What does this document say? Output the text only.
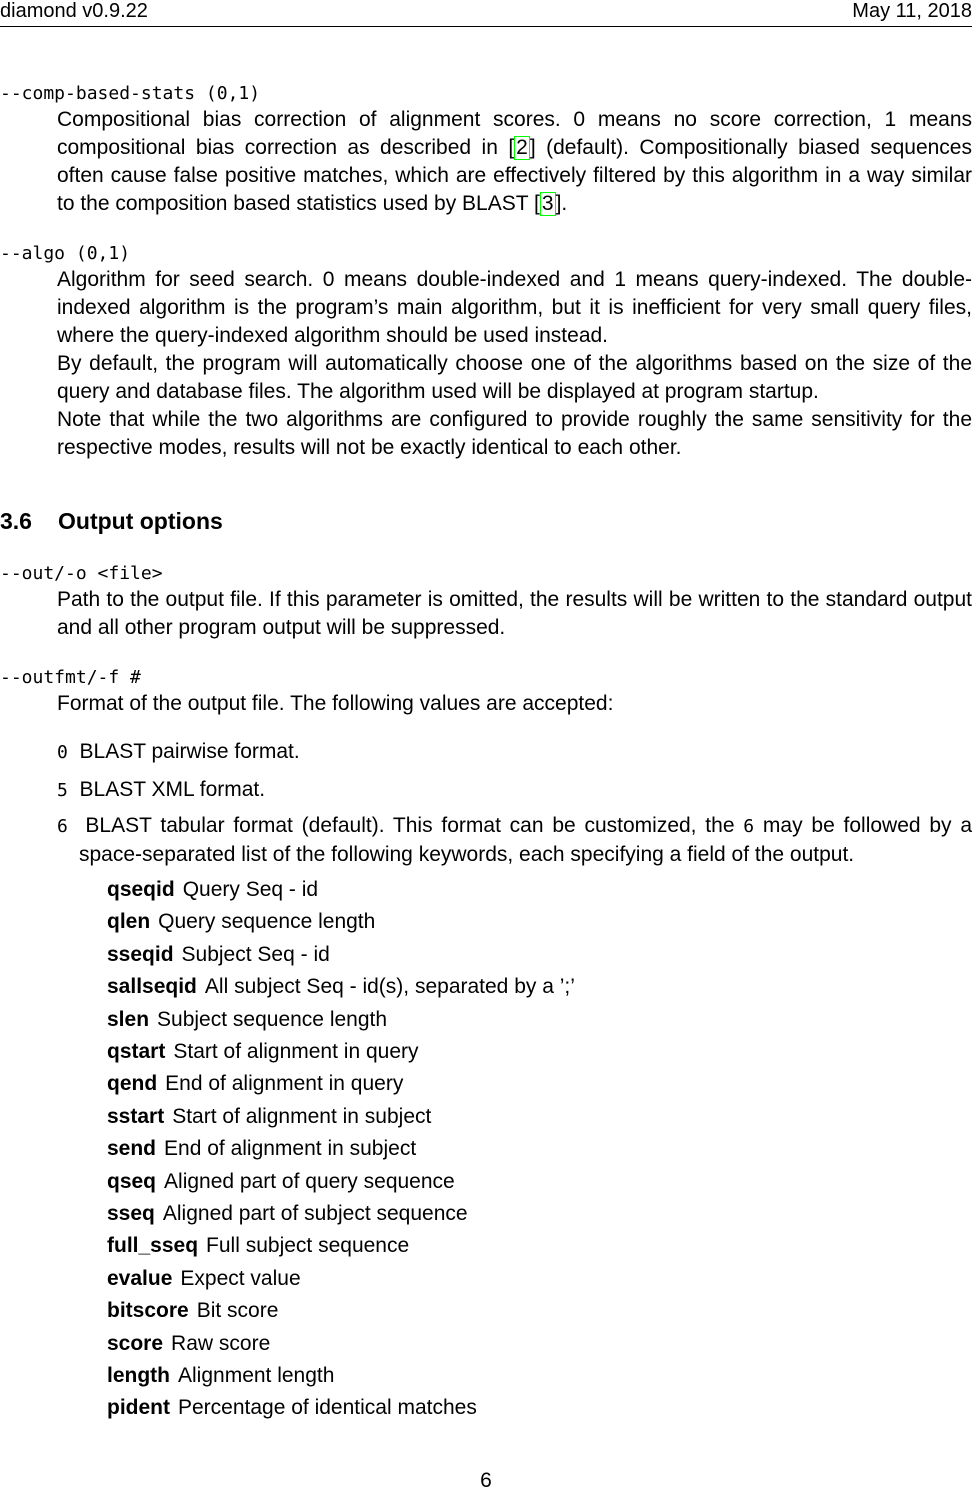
diamond v0.9.22	May 11, 2018
--comp-based-stats (0,1)

Compositional bias correction of alignment scores. 0 means no score correction, 1 means compositional bias correction as described in [2] (default). Compositionally biased sequences often cause false positive matches, which are effectively filtered by this algorithm in a way similar to the composition based statistics used by BLAST [3].

--algo (0,1)

Algorithm for seed search. 0 means double-indexed and 1 means query-indexed. The double-indexed algorithm is the program’s main algorithm, but it is inefficient for very small query files, where the query-indexed algorithm should be used instead.

By default, the program will automatically choose one of the algorithms based on the size of the query and database files. The algorithm used will be displayed at program startup.

Note that while the two algorithms are configured to provide roughly the same sensitivity for the respective modes, results will not be exactly identical to each other.

3.6 Output options
--out/-o <file>
Path to the output file. If this parameter is omitted, the results will be written to the standard output and all other program output will be suppressed.
--outfmt/-f #
Format of the output file. The following values are accepted:
0 BLAST pairwise format.
5 BLAST XML format.
6 BLAST tabular format (default). This format can be customized, the 6 may be followed by a space-separated list of the following keywords, each specifying a field of the output.
qseqid Query Seq - id
qlen Query sequence length
sseqid Subject Seq - id
sallseqid All subject Seq - id(s), separated by a ’;’
slen Subject sequence length
qstart Start of alignment in query
qend End of alignment in query
sstart Start of alignment in subject
send End of alignment in subject
qseq Aligned part of query sequence
sseq Aligned part of subject sequence
full_sseq Full subject sequence
evalue Expect value
bitscore Bit score
score Raw score
length Alignment length
pident Percentage of identical matches
6
